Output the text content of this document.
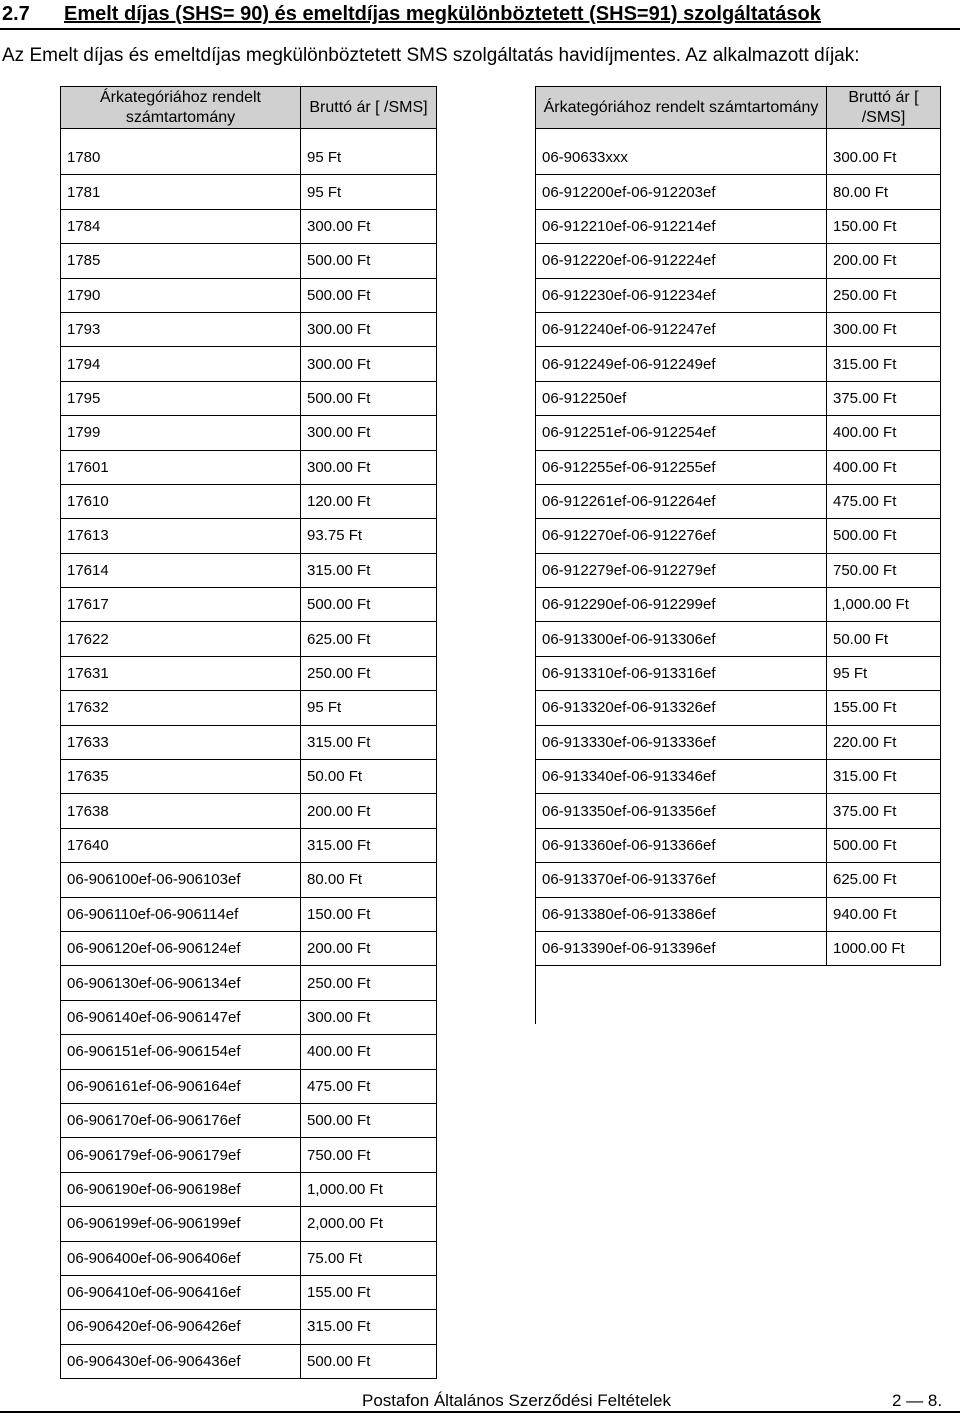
2.7 Emelt díjas (SHS= 90) és emeltdíjas megkülönböztetett (SHS=91) szolgáltatások
Az Emelt díjas és emeltdíjas megkülönböztetett SMS szolgáltatás havidíjmentes. Az alkalmazott díjak:
Árkategóriához rendelt számtartomány	Bruttó ár [ /SMS]

1780	95 Ft
1781	95 Ft
1784	300.00 Ft
1785	500.00 Ft
1790	500.00 Ft
1793	300.00 Ft
1794	300.00 Ft
1795	500.00 Ft
1799	300.00 Ft
17601	300.00 Ft
17610	120.00 Ft
17613	93.75 Ft
17614	315.00 Ft
17617	500.00 Ft
17622	625.00 Ft
17631	250.00 Ft
17632	95 Ft
17633	315.00 Ft
17635	50.00 Ft
17638	200.00 Ft
17640	315.00 Ft
06-906100ef-06-906103ef	80.00 Ft
06-906110ef-06-906114ef	150.00 Ft
06-906120ef-06-906124ef	200.00 Ft
06-906130ef-06-906134ef	250.00 Ft
06-906140ef-06-906147ef	300.00 Ft
06-906151ef-06-906154ef	400.00 Ft
06-906161ef-06-906164ef	475.00 Ft
06-906170ef-06-906176ef	500.00 Ft
06-906179ef-06-906179ef	750.00 Ft
06-906190ef-06-906198ef	1,000.00 Ft
06-906199ef-06-906199ef	2,000.00 Ft
06-906400ef-06-906406ef	75.00 Ft
06-906410ef-06-906416ef	155.00 Ft
06-906420ef-06-906426ef	315.00 Ft
06-906430ef-06-906436ef	500.00 Ft
Árkategóriához rendelt számtartomány	Bruttó ár [ /SMS]

06-90633xxx	300.00 Ft
06-912200ef-06-912203ef	80.00 Ft
06-912210ef-06-912214ef	150.00 Ft
06-912220ef-06-912224ef	200.00 Ft
06-912230ef-06-912234ef	250.00 Ft
06-912240ef-06-912247ef	300.00 Ft
06-912249ef-06-912249ef	315.00 Ft
06-912250ef	375.00 Ft
06-912251ef-06-912254ef	400.00 Ft
06-912255ef-06-912255ef	400.00 Ft
06-912261ef-06-912264ef	475.00 Ft
06-912270ef-06-912276ef	500.00 Ft
06-912279ef-06-912279ef	750.00 Ft
06-912290ef-06-912299ef	1,000.00 Ft
06-913300ef-06-913306ef	50.00 Ft
06-913310ef-06-913316ef	95 Ft
06-913320ef-06-913326ef	155.00 Ft
06-913330ef-06-913336ef	220.00 Ft
06-913340ef-06-913346ef	315.00 Ft
06-913350ef-06-913356ef	375.00 Ft
06-913360ef-06-913366ef	500.00 Ft
06-913370ef-06-913376ef	625.00 Ft
06-913380ef-06-913386ef	940.00 Ft
06-913390ef-06-913396ef	1000.00 Ft
Postafon Általános Szerződési Feltételek	2 — 8.
